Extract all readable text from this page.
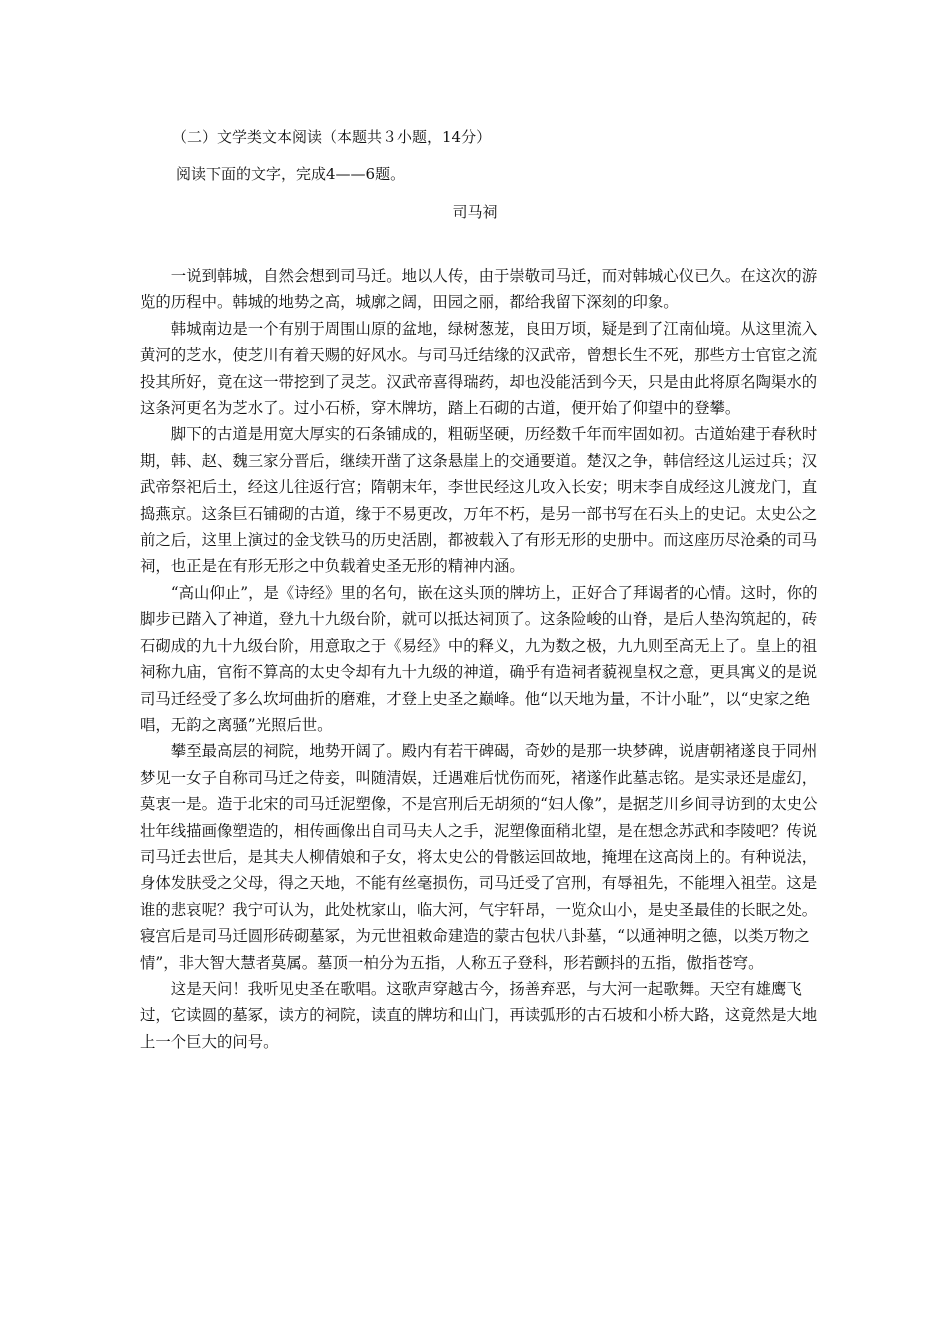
（二）文学类文本阅读（本题共３小题，14分）
阅读下面的文字，完成4——6题。
司马祠

一说到韩城，自然会想到司马迁。地以人传，由于崇敬司马迁，而对韩城心仪已久。在这次的游览的历程中。韩城的地势之高，城廓之阔，田园之丽，都给我留下深刻的印象。

韩城南边是一个有别于周围山原的盆地，绿树葱茏，良田万顷，疑是到了江南仙境。从这里流入黄河的芝水，使芝川有着天赐的好风水。与司马迁结缘的汉武帝，曾想长生不死，那些方士官宦之流投其所好，竟在这一带挖到了灵芝。汉武帝喜得瑞药，却也没能活到今天，只是由此将原名陶渠水的这条河更名为芝水了。过小石桥，穿木牌坊，踏上石砌的古道，便开始了仰望中的登攀。

脚下的古道是用宽大厚实的石条铺成的，粗砺坚硬，历经数千年而牢固如初。古道始建于春秋时期，韩、赵、魏三家分晋后，继续开凿了这条悬崖上的交通要道。楚汉之争，韩信经这儿运过兵；汉武帝祭祀后土，经这儿往返行宫；隋朝末年，李世民经这儿攻入长安；明末李自成经这儿渡龙门，直捣燕京。这条巨石铺砌的古道，缘于不易更改，万年不朽，是另一部书写在石头上的史记。太史公之前之后，这里上演过的金戈铁马的历史活剧，都被载入了有形无形的史册中。而这座历尽沧桑的司马祠，也正是在有形无形之中负载着史圣无形的精神内涵。

“高山仰止”，是《诗经》里的名句，嵌在这头顶的牌坊上，正好合了拜谒者的心情。这时，你的脚步已踏入了神道，登九十九级台阶，就可以抵达祠顶了。这条险峻的山脊，是后人垫沟筑起的，砖石砌成的九十九级台阶，用意取之于《易经》中的释义，九为数之极，九九则至高无上了。皇上的祖祠称九庙，官衔不算高的太史令却有九十九级的神道，确乎有造祠者藐视皇权之意，更具寓义的是说司马迁经受了多么坎坷曲折的磨难，才登上史圣之巅峰。他“以天地为量，不计小耻”，以“史家之绝唱，无韵之离骚”光照后世。

攀至最高层的祠院，地势开阔了。殿内有若干碑碣，奇妙的是那一块梦碑，说唐朝褚遂良于同州梦见一女子自称司马迁之侍妾，叫随清娱，迁遇难后忧伤而死，褚遂作此墓志铭。是实录还是虚幻，莫衷一是。造于北宋的司马迁泥塑像，不是宫刑后无胡须的“妇人像”，是据芝川乡间寻访到的太史公壮年线描画像塑造的，相传画像出自司马夫人之手，泥塑像面稍北望，是在想念苏武和李陵吧？传说司马迁去世后，是其夫人柳倩娘和子女，将太史公的骨骸运回故地，掩埋在这高岗上的。有种说法，身体发肤受之父母，得之天地，不能有丝毫损伤，司马迁受了宫刑，有辱祖先，不能埋入祖茔。这是谁的悲哀呢？我宁可认为，此处枕家山，临大河，气宇轩昂，一览众山小，是史圣最佳的长眠之处。寝宫后是司马迁圆形砖砌墓冢，为元世祖敕命建造的蒙古包状八卦墓，“以通神明之德，以类万物之情”，非大智大慧者莫属。墓顶一柏分为五指，人称五子登科，形若颤抖的五指，傲指苍穹。

这是天问！我听见史圣在歌唱。这歌声穿越古今，扬善弃恶，与大河一起歌舞。天空有雄鹰飞过，它读圆的墓冢，读方的祠院，读直的牌坊和山门，再读弧形的古石坡和小桥大路，这竟然是大地上一个巨大的问号。
